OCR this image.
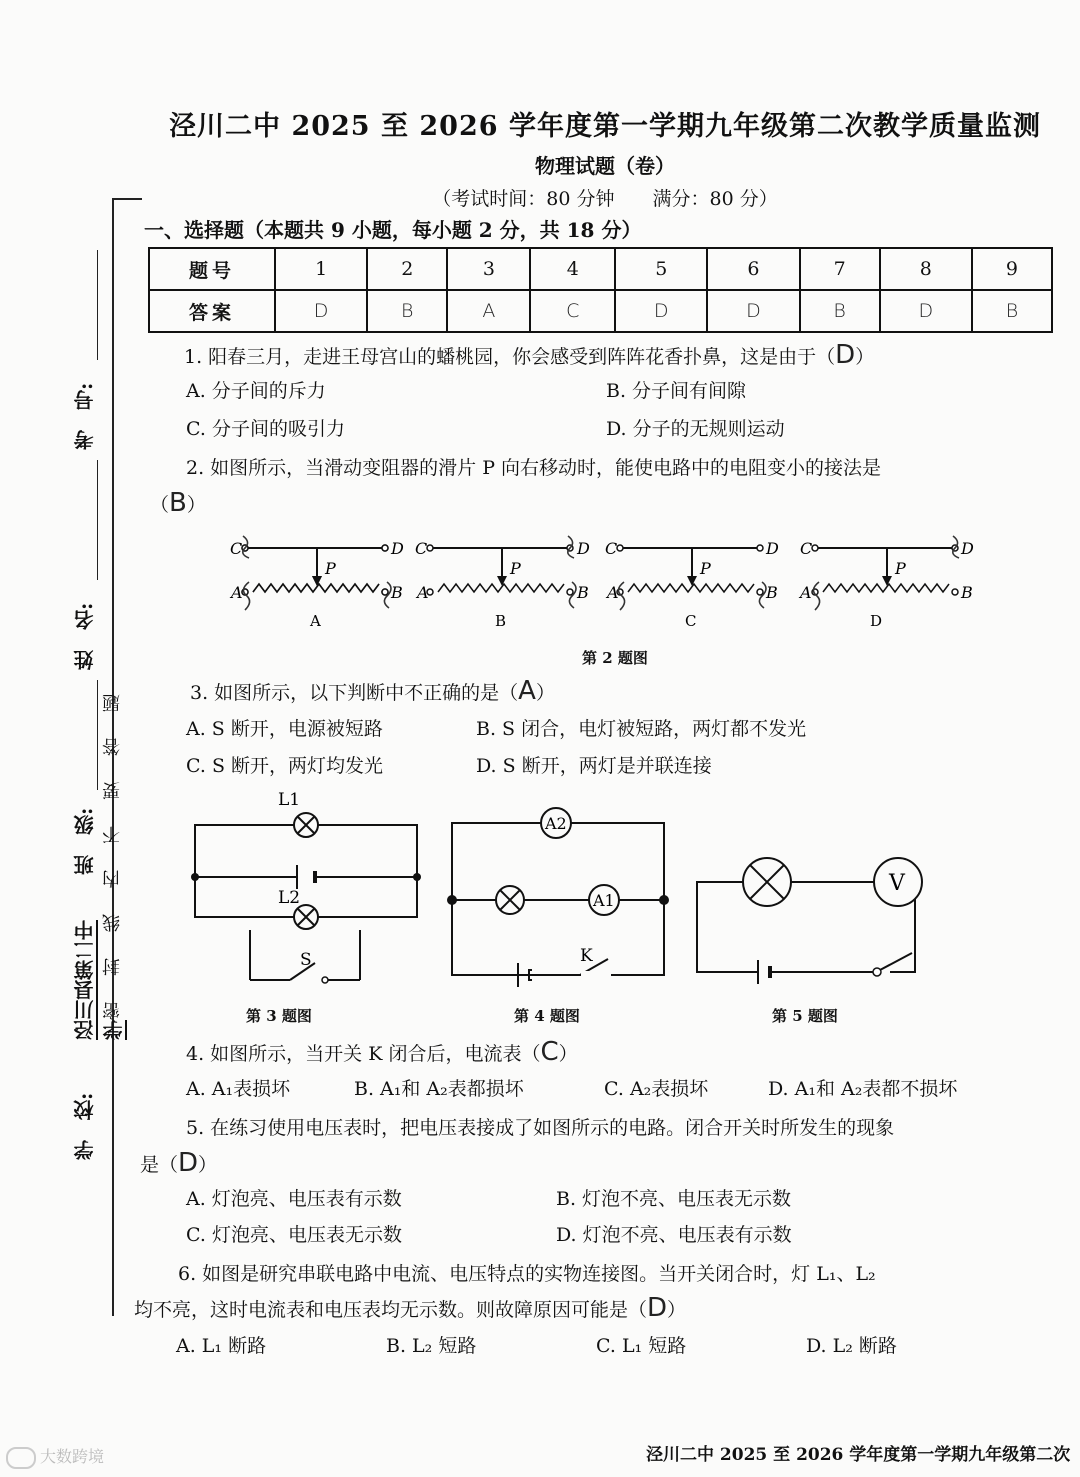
泾川二中 2025 至 2026 学年度第一学期九年级第二次教学质量监测
物理试题（卷）
（考试时间：80 分钟　　满分：80 分）
考　号:
姓　名:
班　级:
泾川县第二中学
学　校:
密　封　线　内　不　要　答　题
一、选择题（本题共 9 小题，每小题 2 分，共 18 分）
题号	1	2	3	4	5	6	7	8	9
答案	D	B	A	C	D	D	B	D	B
1. 阳春三月，走进王母宫山的蟠桃园，你会感受到阵阵花香扑鼻，这是由于（D）
A. 分子间的斥力	B. 分子间有间隙
C. 分子间的吸引力	D. 分子的无规则运动
2. 如图所示，当滑动变阻器的滑片 P 向右移动时，能使电路中的电阻变小的接法是
（B）
C	D
A	B
P
C	D
A	B
P
C	D
A	B
P
C	D
A	B
P
A	B	C	D
第 2 题图
3. 如图所示，以下判断中不正确的是（A）
A. S 断开，电源被短路	B. S 闭合，电灯被短路，两灯都不发光
C. S 断开，两灯均发光	D. S 断开，两灯是并联连接
L1
L2
S
A2
A1
K
V
第 3 题图	第 4 题图	第 5 题图
4. 如图所示，当开关 K 闭合后，电流表（C）
A. A₁表损坏	B. A₁和 A₂表都损坏	C. A₂表损坏	D. A₁和 A₂表都不损坏
5. 在练习使用电压表时，把电压表接成了如图所示的电路。闭合开关时所发生的现象
是（D）
A. 灯泡亮、电压表有示数	B. 灯泡不亮、电压表无示数
C. 灯泡亮、电压表无示数	D. 灯泡不亮、电压表有示数
6. 如图是研究串联电路中电流、电压特点的实物连接图。当开关闭合时，灯 L₁、L₂
均不亮，这时电流表和电压表均无示数。则故障原因可能是（D）
A. L₁ 断路	B. L₂ 短路	C. L₁ 短路	D. L₂ 断路
泾川二中 2025 至 2026 学年度第一学期九年级第二次
大数跨境
